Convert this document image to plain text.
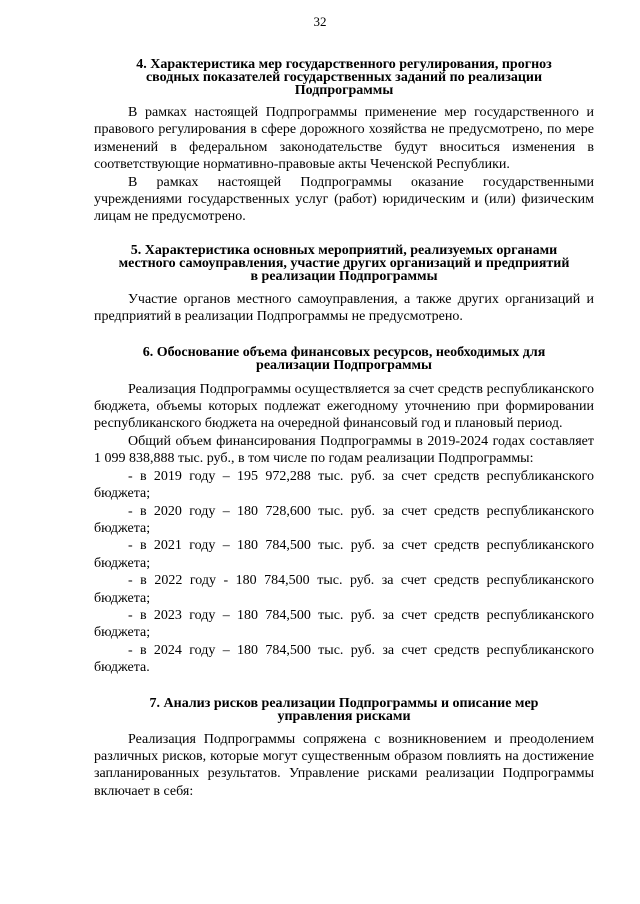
32
4. Характеристика мер государственного регулирования, прогноз
сводных показателей государственных заданий по реализации
Подпрограммы

В рамках настоящей Подпрограммы применение мер государственного и правового регулирования в сфере дорожного хозяйства не предусмотрено, по мере изменений в федеральном законодательстве будут вноситься изменения в соответствующие нормативно-правовые акты Чеченской Республики.

В рамках настоящей Подпрограммы оказание государственными учреждениями государственных услуг (работ) юридическим и (или) физическим лицам не предусмотрено.

5. Характеристика основных мероприятий, реализуемых органами
местного самоуправления, участие других организаций и предприятий
в реализации Подпрограммы

Участие органов местного самоуправления, а также других организаций и предприятий в реализации Подпрограммы не предусмотрено.

6. Обоснование объема финансовых ресурсов, необходимых для
реализации Подпрограммы

Реализация Подпрограммы осуществляется за счет средств республиканского бюджета, объемы которых подлежат ежегодному уточнению при формировании республиканского бюджета на очередной финансовый год и плановый период.

Общий объем финансирования Подпрограммы в 2019-2024 годах составляет 1 099 838,888 тыс. руб., в том числе по годам реализации Подпрограммы:

- в 2019 году – 195 972,288 тыс. руб. за счет средств республиканского бюджета;

- в 2020 году – 180 728,600 тыс. руб. за счет средств республиканского бюджета;

- в 2021 году – 180 784,500 тыс. руб. за счет средств республиканского бюджета;

- в 2022 году - 180 784,500 тыс. руб. за счет средств республиканского бюджета;

- в 2023 году – 180 784,500 тыс. руб. за счет средств республиканского бюджета;

- в 2024 году – 180 784,500 тыс. руб. за счет средств республиканского бюджета.

7. Анализ рисков реализации Подпрограммы и описание мер
управления рисками

Реализация Подпрограммы сопряжена с возникновением и преодолением различных рисков, которые могут существенным образом повлиять на достижение запланированных результатов. Управление рисками реализации Подпрограммы включает в себя:
